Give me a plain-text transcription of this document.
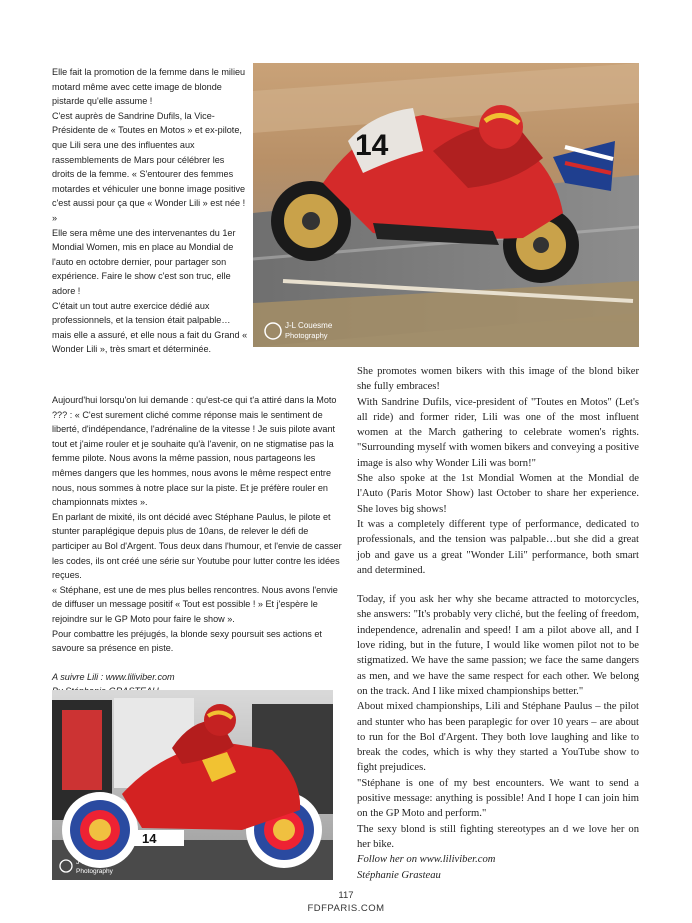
Elle fait la promotion de la femme dans le milieu motard même avec cette image de blonde pistarde qu'elle assume !

C'est auprès de Sandrine Dufils, la Vice-Présidente de « Toutes en Motos » et ex-pilote, que Lili sera une des influentes aux rassemblements de Mars pour célébrer les droits de la femme. « S'entourer des femmes motardes et véhiculer une bonne image positive c'est aussi pour ça que « Wonder Lili » est née ! »

Elle sera même une des intervenantes du 1er Mondial Women, mis en place au Mondial de l'auto en octobre dernier, pour partager son expérience. Faire le show c'est son truc, elle adore !

C'était un tout autre exercice dédié aux professionnels, et la tension était palpable… mais elle a assuré, et elle nous a fait du Grand « Wonder Lili », très smart et déterminée.

Aujourd'hui lorsqu'on lui demande : qu'est-ce qui t'a attiré dans la Moto ??? : « C'est surement cliché comme réponse mais le sentiment de liberté, d'indépendance, l'adrénaline de la vitesse ! Je suis pilote avant tout et j'aime rouler et je souhaite qu'à l'avenir, on ne stigmatise pas la femme pilote. Nous avons la même passion, nous partageons les mêmes dangers que les hommes, nous avons le même respect entre nous, nous sommes à notre place sur la piste. Et je préfère rouler en championnats mixtes ».

En parlant de mixité, ils ont décidé avec Stéphane Paulus, le pilote et stunter paraplégique depuis plus de 10ans, de relever le défi de participer au Bol d'Argent. Tous deux dans l'humour, et l'envie de casser les codes, ils ont créé une série sur Youtube pour lutter contre les idées reçues.

« Stéphane, est une de mes plus belles rencontres. Nous avons l'envie de diffuser un message positif « Tout est possible ! » Et j'espère le rejoindre sur le GP Moto pour faire le show ».

Pour combattre les préjugés, la blonde sexy poursuit ses actions et savoure sa présence en piste.

A suivre Lili : www.liliviber.com

She promotes women bikers with this image of the blond biker she fully embraces!

With Sandrine Dufils, vice-president of "Toutes en Motos" (Let's all ride) and former rider, Lili was one of the most influent women at the March gathering to celebrate women's rights. "Surrounding myself with women bikers and conveying a positive image is also why Wonder Lili was born!"

She also spoke at the 1st Mondial Women at the Mondial de l'Auto (Paris Motor Show) last October to share her experience. She loves big shows!

It was a completely different type of performance, dedicated to professionals, and the tension was palpable…but she did a great job and gave us a great "Wonder Lili" performance, both smart and determined.

Today, if you ask her why she became attracted to motorcycles, she answers: "It's probably very cliché, but the feeling of freedom, independence, adrenalin and speed! I am a pilot above all, and I love riding, but in the future, I would like women pilot not to be stigmatized. We have the same passion; we face the same dangers as men, and we have the same respect for each other. We belong on the track. And I like mixed championships better."

About mixed championships, Lili and Stéphane Paulus – the pilot and stunter who has been paraplegic for over 10 years – are about to run for the Bol d'Argent. They both love laughing and like to break the codes, which is why they started a YouTube show to fight prejudices.

"Stéphane is one of my best encounters. We want to send a positive message: anything is possible! And I hope I can join him on the GP Moto and perform."

The sexy blond is still fighting stereotypes an d we love her on her bike.

Follow her on www.liliviber.com

Stéphanie Grasteau

14
J-L Couesme
Photography
14
J-L Couesme
Photography
117
FDFPARIS.COM
